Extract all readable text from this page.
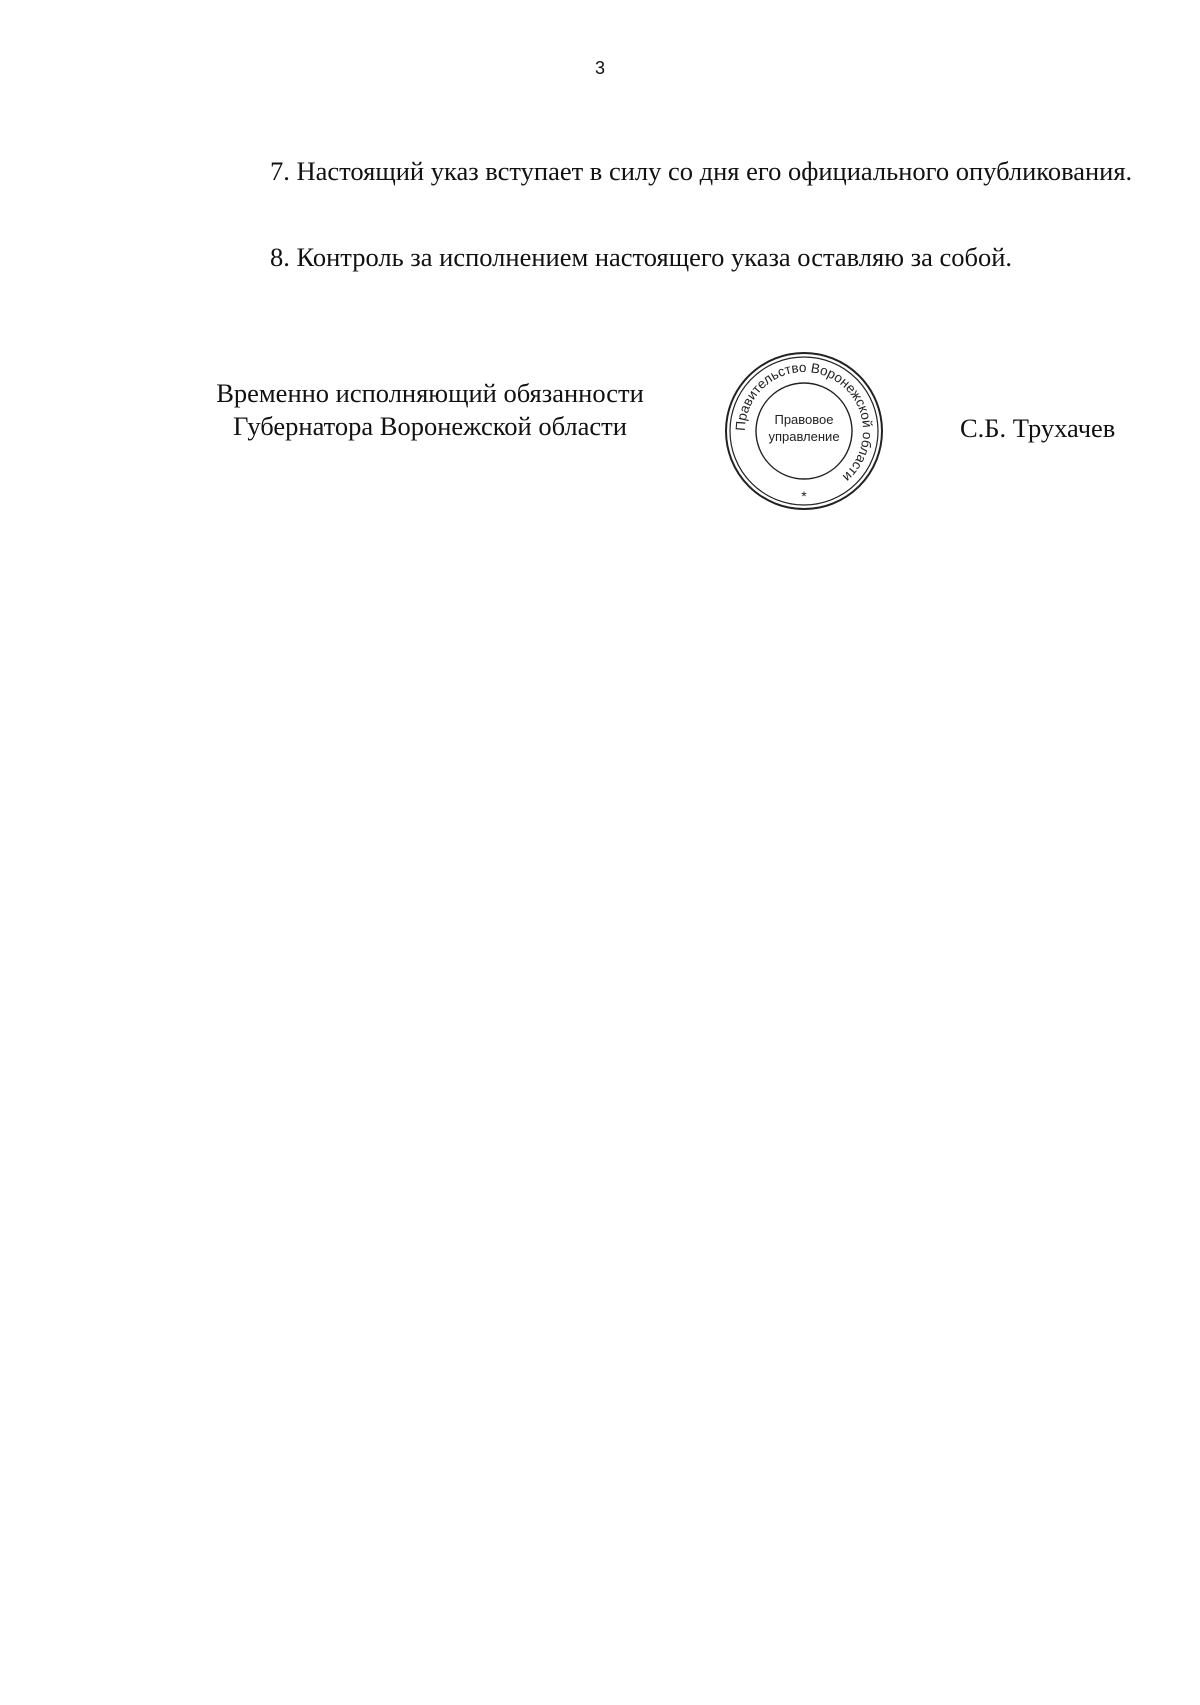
3

7. Настоящий указ вступает в силу со дня его официального опубликования.

8. Контроль за исполнением настоящего указа оставляю за собой.

Временно исполняющий обязанности
Губернатора Воронежской области	Правительство Воронежской области
Правовое
управление
*
С.Б. Трухачев
